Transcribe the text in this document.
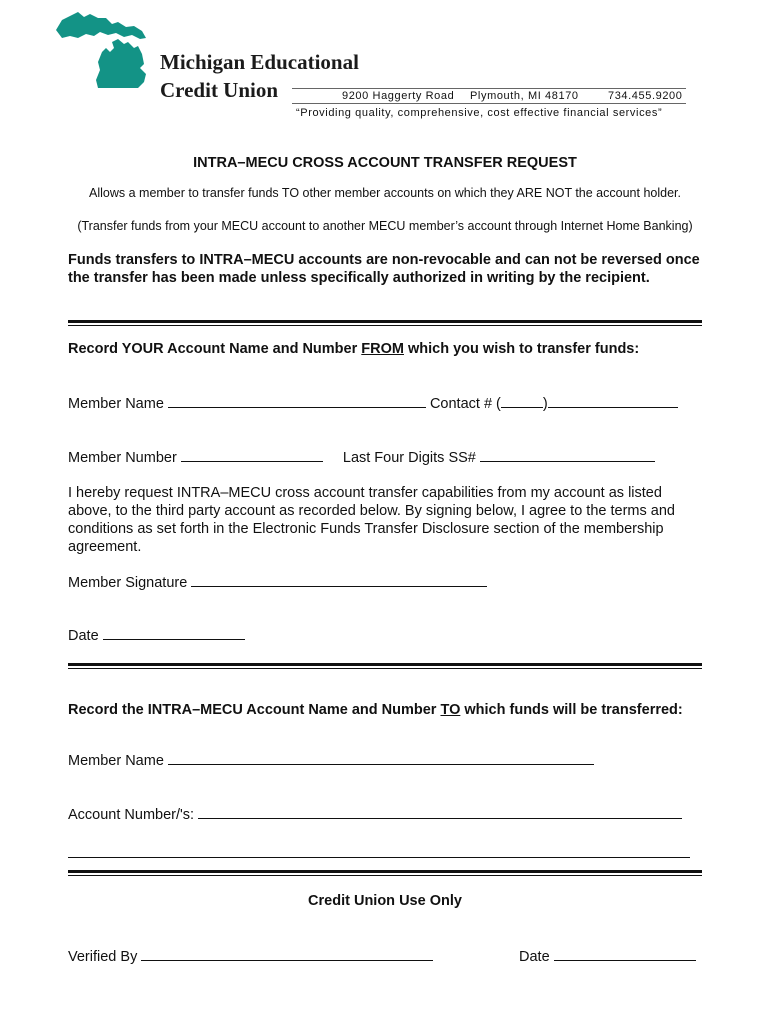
Michigan Educational
Credit Union	9200 Haggerty Road Plymouth, MI 48170	734.455.9200
“Providing quality, comprehensive, cost effective financial services”
INTRA–MECU CROSS ACCOUNT TRANSFER REQUEST
Allows a member to transfer funds TO other member accounts on which they ARE NOT the account holder.
(Transfer funds from your MECU account to another MECU member’s account through Internet Home Banking)
Funds transfers to INTRA–MECU accounts are non-revocable and can not be reversed once the transfer has been made unless specifically authorized in writing by the recipient.
Record YOUR Account Name and Number FROM which you wish to transfer funds:
Member Name	Contact # (	)
Member Number	Last Four Digits SS#
I hereby request INTRA–MECU cross account transfer capabilities from my account as listed above, to the third party account as recorded below. By signing below, I agree to the terms and conditions as set forth in the Electronic Funds Transfer Disclosure section of the membership agreement.
Member Signature
Date
Record the INTRA–MECU Account Name and Number TO which funds will be transferred:
Member Name
Account Number/'s:
Credit Union Use Only
Verified By	Date
